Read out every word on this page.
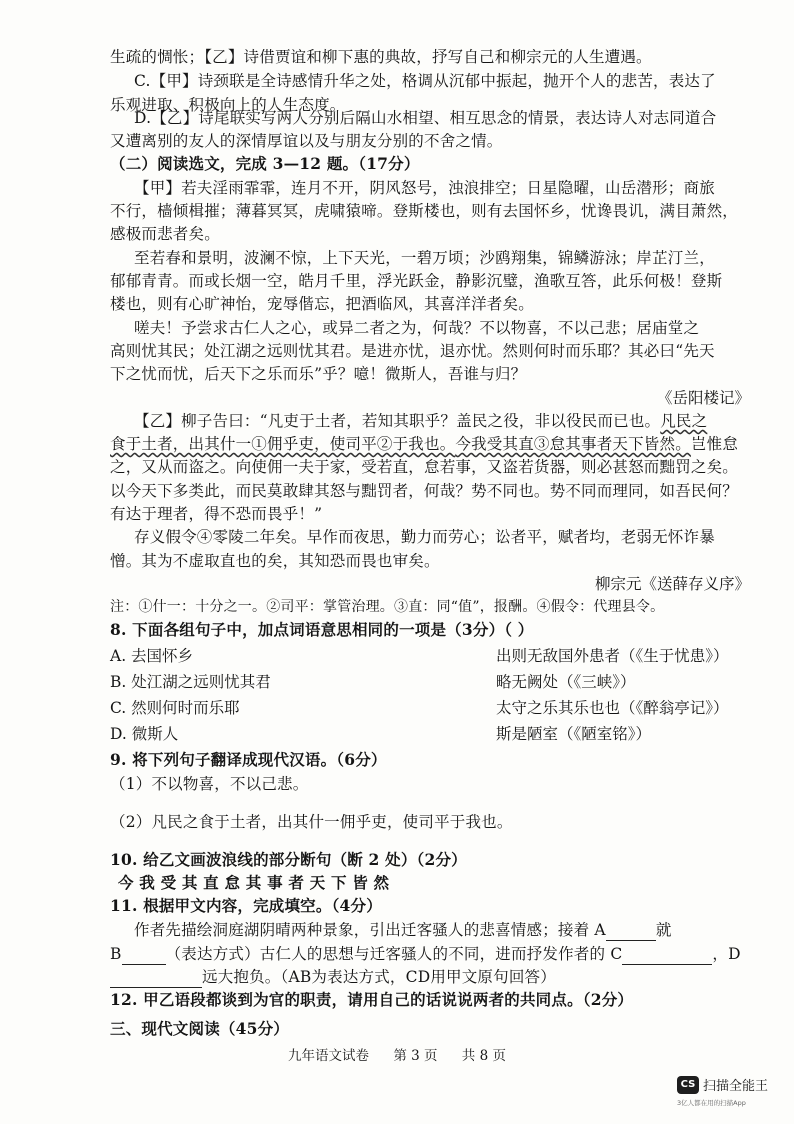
生疏的惆怅；【乙】诗借贾谊和柳下惠的典故，抒写自己和柳宗元的人生遭遇。
C.【甲】诗颈联是全诗感情升华之处，格调从沉郁中振起，抛开个人的悲苦，表达了
乐观进取、积极向上的人生态度。
D.【乙】诗尾联实写两人分别后隔山水相望、相互思念的情景，表达诗人对志同道合
又遭离别的友人的深情厚谊以及与朋友分别的不舍之情。
（二）阅读选文，完成 3—12 题。（17分）
【甲】若夫淫雨霏霏，连月不开，阴风怒号，浊浪排空；日星隐曜，山岳潜形；商旅
不行，樯倾楫摧；薄暮冥冥，虎啸猿啼。登斯楼也，则有去国怀乡，忧谗畏讥，满目萧然，
感极而悲者矣。
至若春和景明，波澜不惊，上下天光，一碧万顷；沙鸥翔集，锦鳞游泳；岸芷汀兰，
郁郁青青。而或长烟一空，皓月千里，浮光跃金，静影沉璧，渔歌互答，此乐何极！登斯
楼也，则有心旷神怡，宠辱偕忘，把酒临风，其喜洋洋者矣。
嗟夫！予尝求古仁人之心，或异二者之为，何哉？不以物喜，不以己悲；居庙堂之
高则忧其民；处江湖之远则忧其君。是进亦忧，退亦忧。然则何时而乐耶？其必曰“先天
下之忧而忧，后天下之乐而乐”乎？噫！微斯人，吾谁与归？
《岳阳楼记》
【乙】柳子告曰：“凡吏于土者，若知其职乎？盖民之役，非以役民而已也。凡民之
食于土者，出其什一①佣乎吏，使司平②于我也。今我受其直③怠其事者天下皆然。岂惟怠
之，又从而盗之。向使佣一夫于家，受若直，怠若事，又盗若货器，则必甚怒而黜罚之矣。
以今天下多类此，而民莫敢肆其怒与黜罚者，何哉？势不同也。势不同而理同，如吾民何？
有达于理者，得不恐而畏乎！”
存义假令④零陵二年矣。早作而夜思，勤力而劳心；讼者平，赋者均，老弱无怀诈暴
憎。其为不虚取直也的矣，其知恐而畏也审矣。
柳宗元《送薛存义序》
注：①什一：十分之一。②司平：掌管治理。③直：同“值”，报酬。④假令：代理县令。
8. 下面各组句子中，加点词语意思相同的一项是（3分）（ ）
A. 去国怀乡	出则无敌国外患者（《生于忧患》）
B. 处江湖之远则忧其君	略无阙处（《三峡》）
C. 然则何时而乐耶	太守之乐其乐也也（《醉翁亭记》）
D. 微斯人	斯是陋室（《陋室铭》）
9. 将下列句子翻译成现代汉语。（6分）
（1）不以物喜，不以己悲。
（2）凡民之食于土者，出其什一佣乎吏，使司平于我也。
10. 给乙文画波浪线的部分断句（断 2 处）（2分）
今 我 受 其 直 怠 其 事 者 天 下 皆 然
11. 根据甲文内容，完成填空。（4分）
作者先描绘洞庭湖阴晴两种景象，引出迁客骚人的悲喜情感；接着 A	就
B	（表达方式）古仁人的思想与迁客骚人的不同，进而抒发作者的 C	，D
远大抱负。（AB为表达方式，CD用甲文原句回答）
12. 甲乙语段都谈到为官的职责，请用自己的话说说两者的共同点。（2分）
三、现代文阅读（45分）
九年语文试卷 第 3 页 共 8 页
CS 扫描全能王
3亿人都在用的扫描App
